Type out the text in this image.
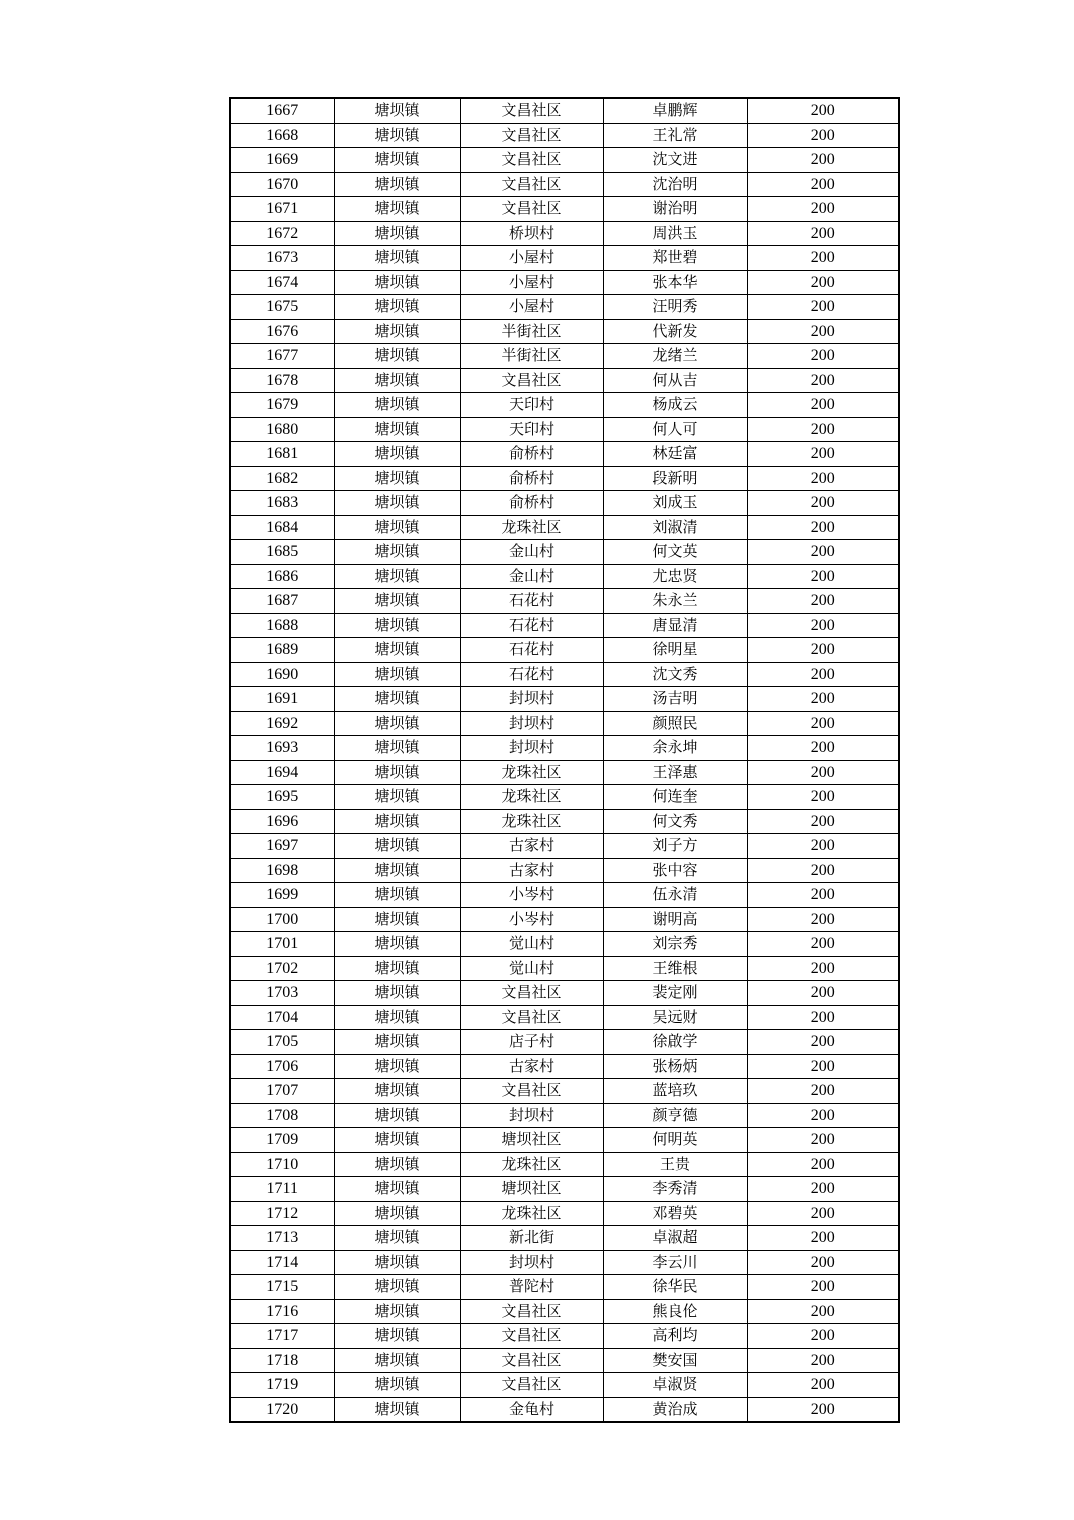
1667	塘坝镇	文昌社区	卓鹏辉	200
1668	塘坝镇	文昌社区	王礼常	200
1669	塘坝镇	文昌社区	沈文进	200
1670	塘坝镇	文昌社区	沈治明	200
1671	塘坝镇	文昌社区	谢治明	200
1672	塘坝镇	桥坝村	周洪玉	200
1673	塘坝镇	小屋村	郑世碧	200
1674	塘坝镇	小屋村	张本华	200
1675	塘坝镇	小屋村	汪明秀	200
1676	塘坝镇	半街社区	代新发	200
1677	塘坝镇	半街社区	龙绪兰	200
1678	塘坝镇	文昌社区	何从吉	200
1679	塘坝镇	天印村	杨成云	200
1680	塘坝镇	天印村	何人可	200
1681	塘坝镇	俞桥村	林廷富	200
1682	塘坝镇	俞桥村	段新明	200
1683	塘坝镇	俞桥村	刘成玉	200
1684	塘坝镇	龙珠社区	刘淑清	200
1685	塘坝镇	金山村	何文英	200
1686	塘坝镇	金山村	尤忠贤	200
1687	塘坝镇	石花村	朱永兰	200
1688	塘坝镇	石花村	唐显清	200
1689	塘坝镇	石花村	徐明星	200
1690	塘坝镇	石花村	沈文秀	200
1691	塘坝镇	封坝村	汤吉明	200
1692	塘坝镇	封坝村	颜照民	200
1693	塘坝镇	封坝村	余永坤	200
1694	塘坝镇	龙珠社区	王泽惠	200
1695	塘坝镇	龙珠社区	何连奎	200
1696	塘坝镇	龙珠社区	何文秀	200
1697	塘坝镇	古家村	刘子方	200
1698	塘坝镇	古家村	张中容	200
1699	塘坝镇	小岑村	伍永清	200
1700	塘坝镇	小岑村	谢明高	200
1701	塘坝镇	觉山村	刘宗秀	200
1702	塘坝镇	觉山村	王维根	200
1703	塘坝镇	文昌社区	裴定刚	200
1704	塘坝镇	文昌社区	吴远财	200
1705	塘坝镇	店子村	徐啟学	200
1706	塘坝镇	古家村	张杨炳	200
1707	塘坝镇	文昌社区	蓝培玖	200
1708	塘坝镇	封坝村	颜亨德	200
1709	塘坝镇	塘坝社区	何明英	200
1710	塘坝镇	龙珠社区	王贵	200
1711	塘坝镇	塘坝社区	李秀清	200
1712	塘坝镇	龙珠社区	邓碧英	200
1713	塘坝镇	新北街	卓淑超	200
1714	塘坝镇	封坝村	李云川	200
1715	塘坝镇	普陀村	徐华民	200
1716	塘坝镇	文昌社区	熊良伦	200
1717	塘坝镇	文昌社区	高利均	200
1718	塘坝镇	文昌社区	樊安国	200
1719	塘坝镇	文昌社区	卓淑贤	200
1720	塘坝镇	金龟村	黄治成	200
